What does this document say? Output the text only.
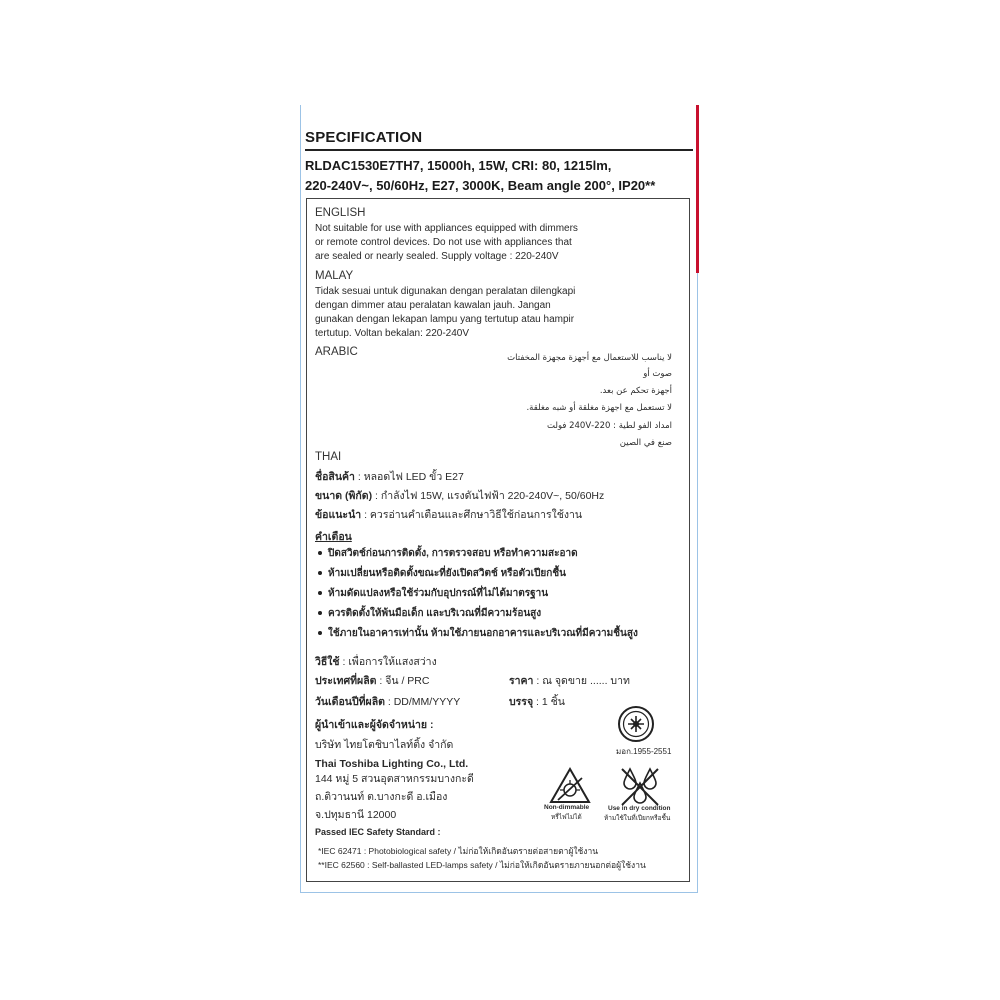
SPECIFICATION
RLDAC1530E7TH7, 15000h, 15W, CRI: 80, 1215lm,
220-240V~, 50/60Hz, E27, 3000K, Beam angle 200°, IP20**
ENGLISH
Not suitable for use with appliances equipped with dimmers
or remote control devices. Do not use with appliances that
are sealed or nearly sealed. Supply voltage : 220-240V
MALAY
Tidak sesuai untuk digunakan dengan peralatan dilengkapi
dengan dimmer atau peralatan kawalan jauh. Jangan
gunakan dengan lekapan lampu yang tertutup atau hampir
tertutup. Voltan bekalan: 220-240V
ARABIC	لا يناسب للاستعمال مع أجهزة مجهزة المخفتات
صوت أو
أجهزة تحكم عن بعد.
لا تستعمل مع اجهزة مغلقة أو شبه مغلقة.
امداد الفو لطية : 220-240V فولت
صنع في الصين
THAI
ชื่อสินค้า : หลอดไฟ LED ขั้ว E27
ขนาด (พิกัด) : กำลังไฟ 15W, แรงดันไฟฟ้า 220-240V~, 50/60Hz
ข้อแนะนำ : ควรอ่านคำเตือนและศึกษาวิธีใช้ก่อนการใช้งาน
คำเตือน
ปิดสวิตช์ก่อนการติดตั้ง, การตรวจสอบ หรือทำความสะอาด
ห้ามเปลี่ยนหรือติดตั้งขณะที่ยังเปิดสวิตช์ หรือตัวเปียกชื้น
ห้ามดัดแปลงหรือใช้ร่วมกับอุปกรณ์ที่ไม่ได้มาตรฐาน
ควรติดตั้งให้พ้นมือเด็ก และบริเวณที่มีความร้อนสูง
ใช้ภายในอาคารเท่านั้น ห้ามใช้ภายนอกอาคารและบริเวณที่มีความชื้นสูง
วิธีใช้ : เพื่อการให้แสงสว่าง
ประเทศที่ผลิต : จีน / PRC	ราคา : ณ จุดขาย ...... บาท
วันเดือนปีที่ผลิต : DD/MM/YYYY	บรรจุ : 1 ชิ้น
ผู้นำเข้าและผู้จัดจำหน่าย :
บริษัท ไทยโตชิบาไลท์ติ้ง จำกัด
Thai Toshiba Lighting Co., Ltd.
144 หมู่ 5 สวนอุตสาหกรรมบางกะดี
ถ.ติวานนท์ ต.บางกะดี อ.เมือง
จ.ปทุมธานี 12000
มอก.1955-2551
Non-dimmable
หรี่ไฟไม่ได้
Use in dry condition
ห้ามใช้ในที่เปียกหรือชื้น
Passed IEC Safety Standard :
*IEC 62471 : Photobiological safety / ไม่ก่อให้เกิดอันตรายต่อสายตาผู้ใช้งาน
**IEC 62560 : Self-ballasted LED-lamps safety / ไม่ก่อให้เกิดอันตรายภายนอกต่อผู้ใช้งาน
